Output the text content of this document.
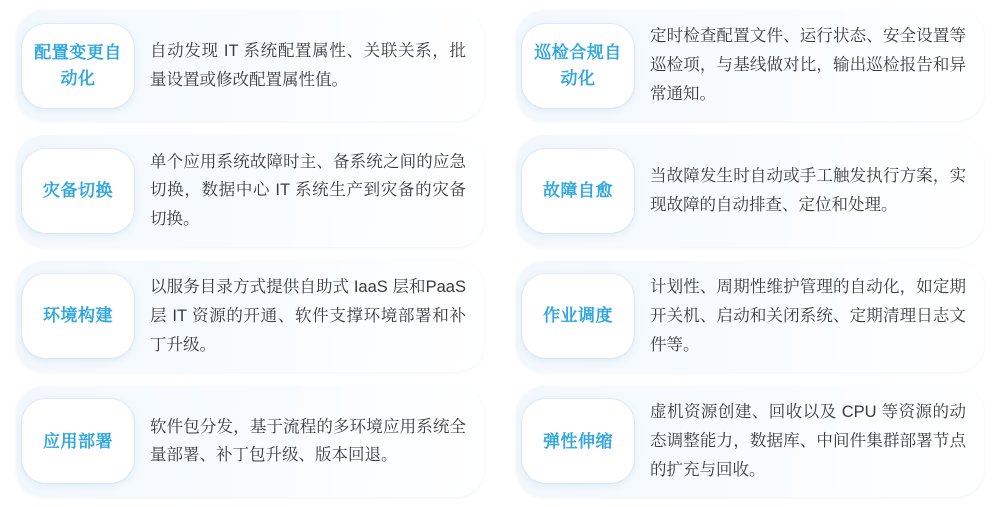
配置变更自动化
自动发现 IT 系统配置属性、关联关系，批量设置或修改配置属性值。
巡检合规自动化
定时检查配置文件、运行状态、安全设置等巡检项，与基线做对比，输出巡检报告和异常通知。
灾备切换
单个应用系统故障时主、备系统之间的应急切换，数据中心 IT 系统生产到灾备的灾备切换。
故障自愈
当故障发生时自动或手工触发执行方案，实现故障的自动排查、定位和处理。
环境构建
以服务目录方式提供自助式 IaaS 层和PaaS 层 IT 资源的开通、软件支撑环境部署和补丁升级。
作业调度
计划性、周期性维护管理的自动化，如定期开关机、启动和关闭系统、定期清理日志文件等。
应用部署
软件包分发，基于流程的多环境应用系统全量部署、补丁包升级、版本回退。
弹性伸缩
虚机资源创建、回收以及 CPU 等资源的动态调整能力，数据库、中间件集群部署节点的扩充与回收。
